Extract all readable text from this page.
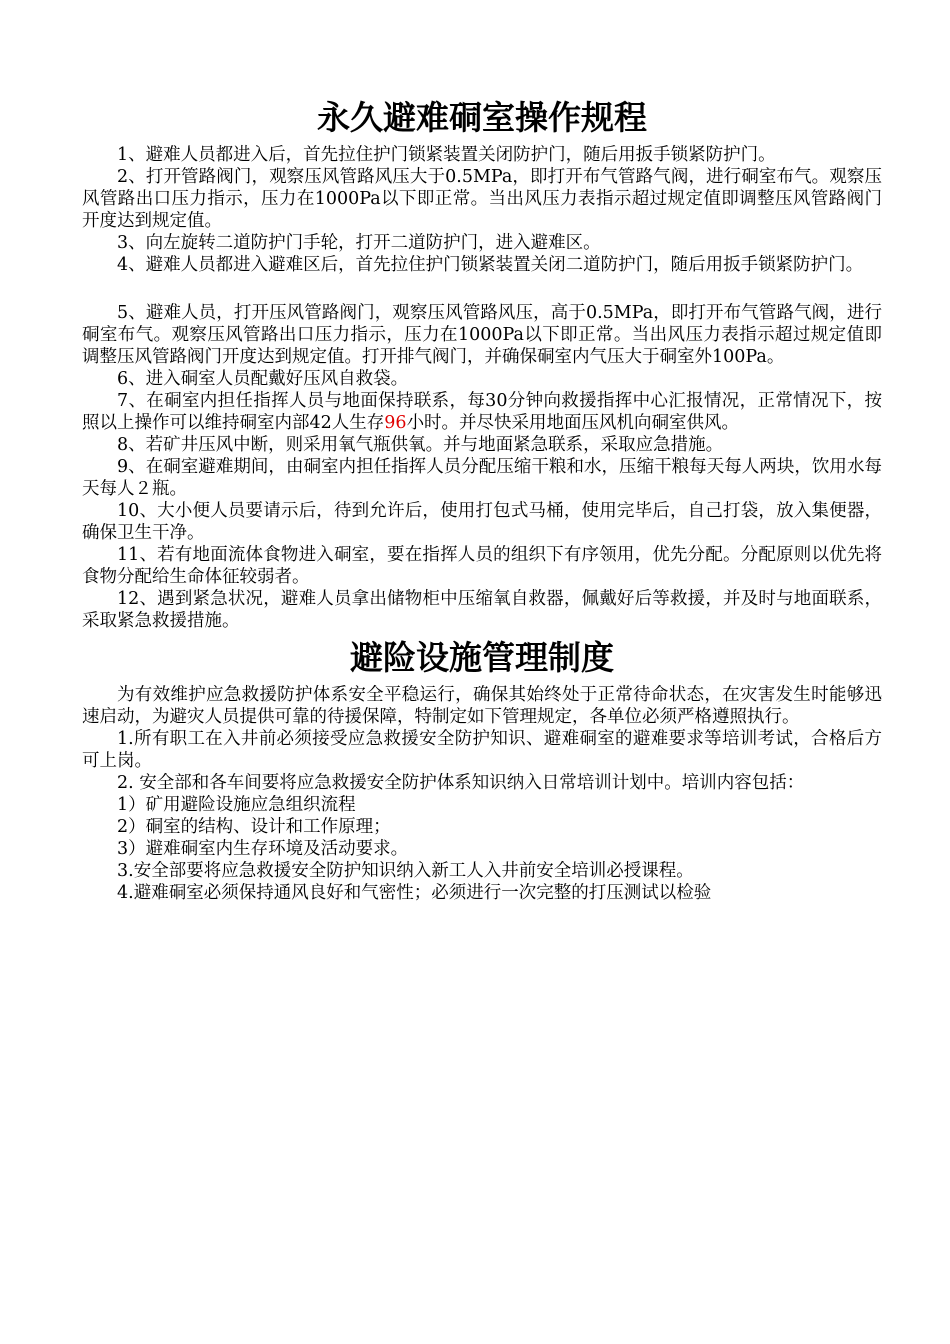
永久避难硐室操作规程

1、避难人员都进入后，首先拉住护门锁紧装置关闭防护门，随后用扳手锁紧防护门。

2、打开管路阀门，观察压风管路风压大于0.5MPa，即打开布气管路气阀，进行硐室布气。观察压风管路出口压力指示，压力在1000Pa以下即正常。当出风压力表指示超过规定值即调整压风管路阀门开度达到规定值。

3、向左旋转二道防护门手轮，打开二道防护门，进入避难区。

4、避难人员都进入避难区后，首先拉住护门锁紧装置关闭二道防护门，随后用扳手锁紧防护门。

5、避难人员，打开压风管路阀门，观察压风管路风压，高于0.5MPa，即打开布气管路气阀，进行硐室布气。观察压风管路出口压力指示，压力在1000Pa以下即正常。当出风压力表指示超过规定值即调整压风管路阀门开度达到规定值。打开排气阀门，并确保硐室内气压大于硐室外100Pa。

6、进入硐室人员配戴好压风自救袋。

7、在硐室内担任指挥人员与地面保持联系，每30分钟向救援指挥中心汇报情况，正常情况下，按照以上操作可以维持硐室内部42人生存96小时。并尽快采用地面压风机向硐室供风。

8、若矿井压风中断，则采用氧气瓶供氧。并与地面紧急联系，采取应急措施。

9、在硐室避难期间，由硐室内担任指挥人员分配压缩干粮和水，压缩干粮每天每人两块，饮用水每天每人２瓶。

10、大小便人员要请示后，待到允许后，使用打包式马桶，使用完毕后，自己打袋，放入集便器，确保卫生干净。

11、若有地面流体食物进入硐室，要在指挥人员的组织下有序领用，优先分配。分配原则以优先将食物分配给生命体征较弱者。

12、遇到紧急状况，避难人员拿出储物柜中压缩氧自救器，佩戴好后等救援，并及时与地面联系，采取紧急救援措施。

避险设施管理制度

为有效维护应急救援防护体系安全平稳运行，确保其始终处于正常待命状态，在灾害发生时能够迅速启动，为避灾人员提供可靠的待援保障，特制定如下管理规定，各单位必须严格遵照执行。

1.所有职工在入井前必须接受应急救援安全防护知识、避难硐室的避难要求等培训考试，合格后方可上岗。

2. 安全部和各车间要将应急救援安全防护体系知识纳入日常培训计划中。培训内容包括：

1）矿用避险设施应急组织流程

2）硐室的结构、设计和工作原理；

3）避难硐室内生存环境及活动要求。

3.安全部要将应急救援安全防护知识纳入新工人入井前安全培训必授课程。

4.避难硐室必须保持通风良好和气密性；必须进行一次完整的打压测试以检验
